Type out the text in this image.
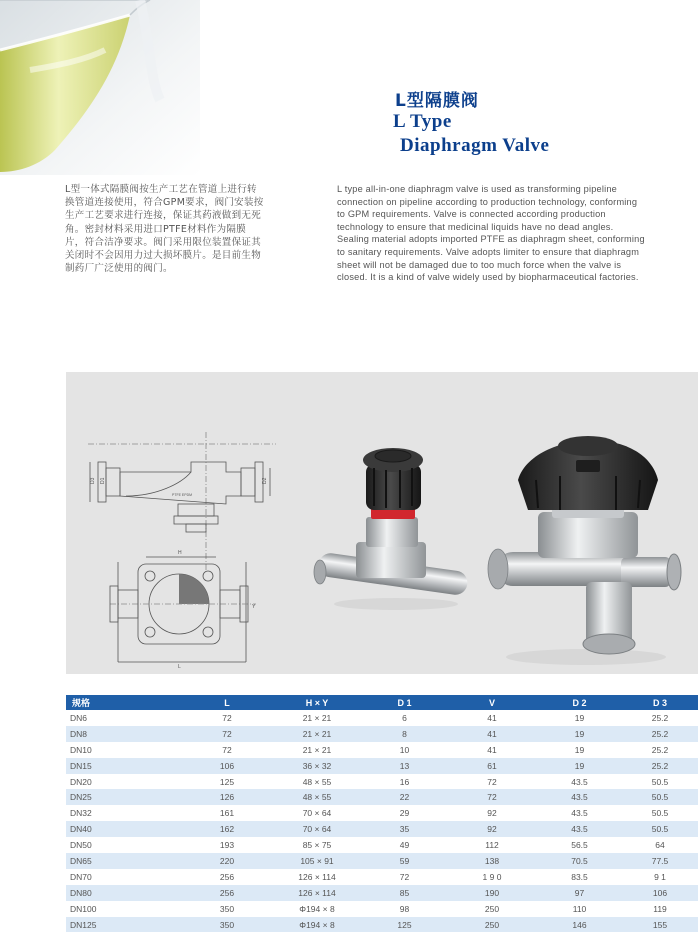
L型隔膜阀
L Type
Diaphragm Valve
L型一体式隔膜阀按生产工艺在管道上进行转
换管道连接使用，符合GPM要求，阀门安装按
生产工艺要求进行连接，保证其药液做到无死
角。密封材料采用进口PTFE材料作为隔膜
片，符合洁净要求。阀门采用限位装置保证其
关闭时不会因用力过大损坏膜片。是目前生物
制药厂广泛使用的阀门。
L type all-in-one diaphragm valve is used as transforming pipeline
connection on pipeline according to production technology, conforming
to GPM requirements. Valve is connected according production
technology to ensure that medicinal liquids have no dead angles.
Sealing material adopts imported PTFE as diaphragm sheet, conforming
to sanitary requirements. Valve adopts limiter to ensure that diaphragm
sheet will not be damaged due to too much force when the valve is
closed. It is a kind of valve widely used by biopharmaceutical factories.
D3 D1	D2
PTFE EPDM
H
L
Y
规格	L	H × Y	D 1	V	D 2	D 3
DN6	72	21 × 21	6	41	19	25.2
DN8	72	21 × 21	8	41	19	25.2
DN10	72	21 × 21	10	41	19	25.2
DN15	106	36 × 32	13	61	19	25.2
DN20	125	48 × 55	16	72	43.5	50.5
DN25	126	48 × 55	22	72	43.5	50.5
DN32	161	70 × 64	29	92	43.5	50.5
DN40	162	70 × 64	35	92	43.5	50.5
DN50	193	85 × 75	49	112	56.5	64
DN65	220	105 × 91	59	138	70.5	77.5
DN70	256	126 × 114	72	1 9 0	83.5	9 1
DN80	256	126 × 114	85	190	97	106
DN100	350	Φ194 × 8	98	250	110	119
DN125	350	Φ194 × 8	125	250	146	155
